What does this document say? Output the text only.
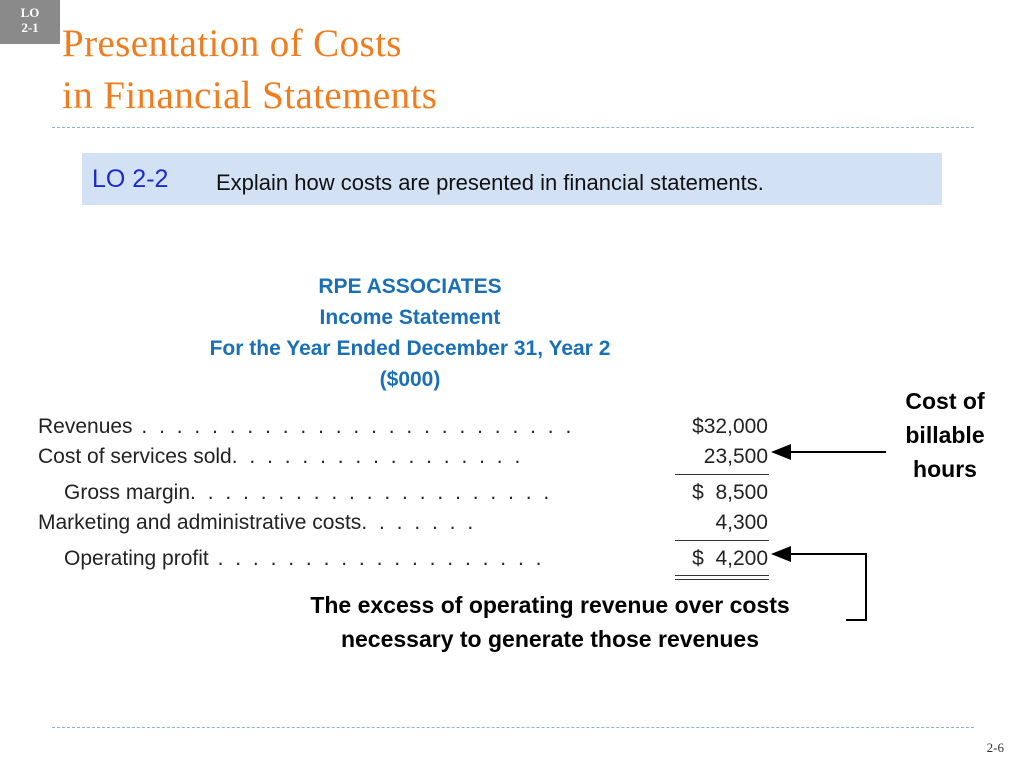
LO
2-1 Presentation of Costs
in Financial Statements
LO 2-2 Explain how costs are presented in financial statements.
RPE ASSOCIATES
Income Statement
For the Year Ended December 31, Year 2
($000)
Revenues . . . . . . . . . . . . . . . . . . . . . . . . .	$32,000
Cost of services sold. . . . . . . . . . . . . . . . .	23,500
Gross margin. . . . . . . . . . . . . . . . . . . . .	$  8,500
Marketing and administrative costs. . . . . . .	4,300
Operating profit . . . . . . . . . . . . . . . . . . .	$  4,200
Cost of
billable
hours
The excess of operating revenue over costs
necessary to generate those revenues
2-6
